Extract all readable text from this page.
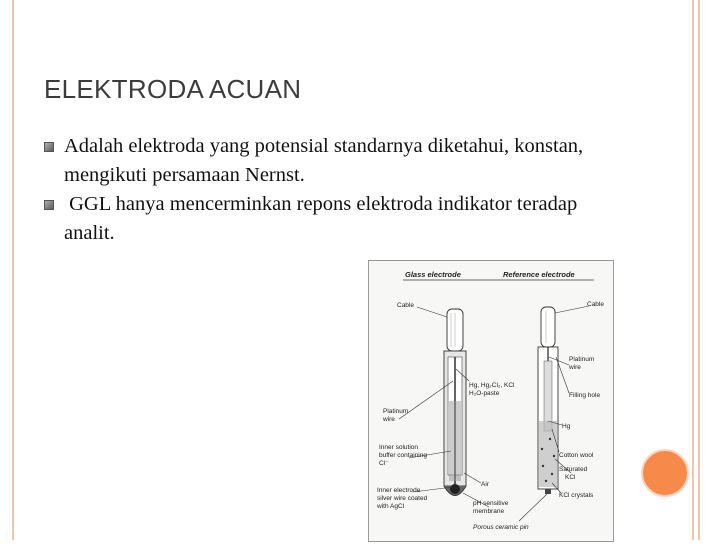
ELEKTRODA ACUAN
Adalah elektroda yang potensial standarnya diketahui, konstan, mengikuti persamaan Nernst.
GGL hanya mencerminkan repons elektroda indikator teradap analit.
Glass electrode	Reference electrode
Cable
Platinum
wire
Inner solution
buffer containing
Cl⁻
Inner electrode
silver wire coated
with AgCl
Hg, Hg₂Cl₂, KCl
H₂O-paste
Air
pH sensitive
membrane
Porous ceramic pin
Cable
Platinum
wire
Filling hole
Hg
Cotton wool
Saturated
KCl
KCl crystals
